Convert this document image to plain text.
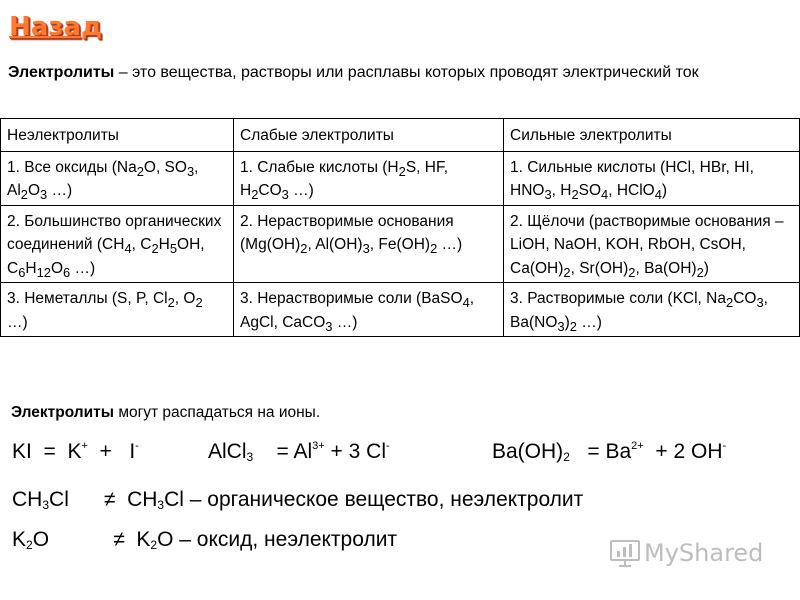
Назад
Электролиты – это вещества, растворы или расплавы которых проводят электрический ток
Неэлектролиты	Слабые электролиты	Сильные электролиты
1. Все оксиды ($Na_2O$, $SO_3$, $Al_2O_3$ …)	1. Слабые кислоты ($H_2S$, HF, $H_2CO_3$ …)	1. Сильные кислоты (HCl, HBr, HI, $HNO_3$, $H_2SO_4$, HClO$_4$)
2. Большинство органических соединений ($CH_4$, $C_2H_5OH$, $C_6H_{12}O_6$ …)	2. Нерастворимые основания ($Mg(OH)_2$, $Al(OH)_3$, $Fe(OH)_2$ …)	2. Щёлочи (растворимые основания – LiOH, NaOH, KOH, RbOH, CsOH, $Ca(OH)_2$, $Sr(OH)_2$, $Ba(OH)_2$)
3. Неметаллы (S, P, $Cl_2$, $O_2$ …)	3. Нерастворимые соли (BaSO$_4$, AgCl, CaCO$_3$ …)	3. Растворимые соли (KCl, $Na_2CO_3$, $Ba(NO_3)_2$ …)
Электролиты могут распадаться на ионы.
KI  =  K+  +   I-	AlCl$_3$    = $Al^{3+} + 3$ Cl-	$Ba(OH)_2 = Ba^{2+} + 2$ OH-
$CH_3Cl$      ≠  $CH_3Cl$ – органическое вещество, неэлектролит
$K_2O$           ≠  $K_2O$ – оксид, неэлектролит	MyShared
